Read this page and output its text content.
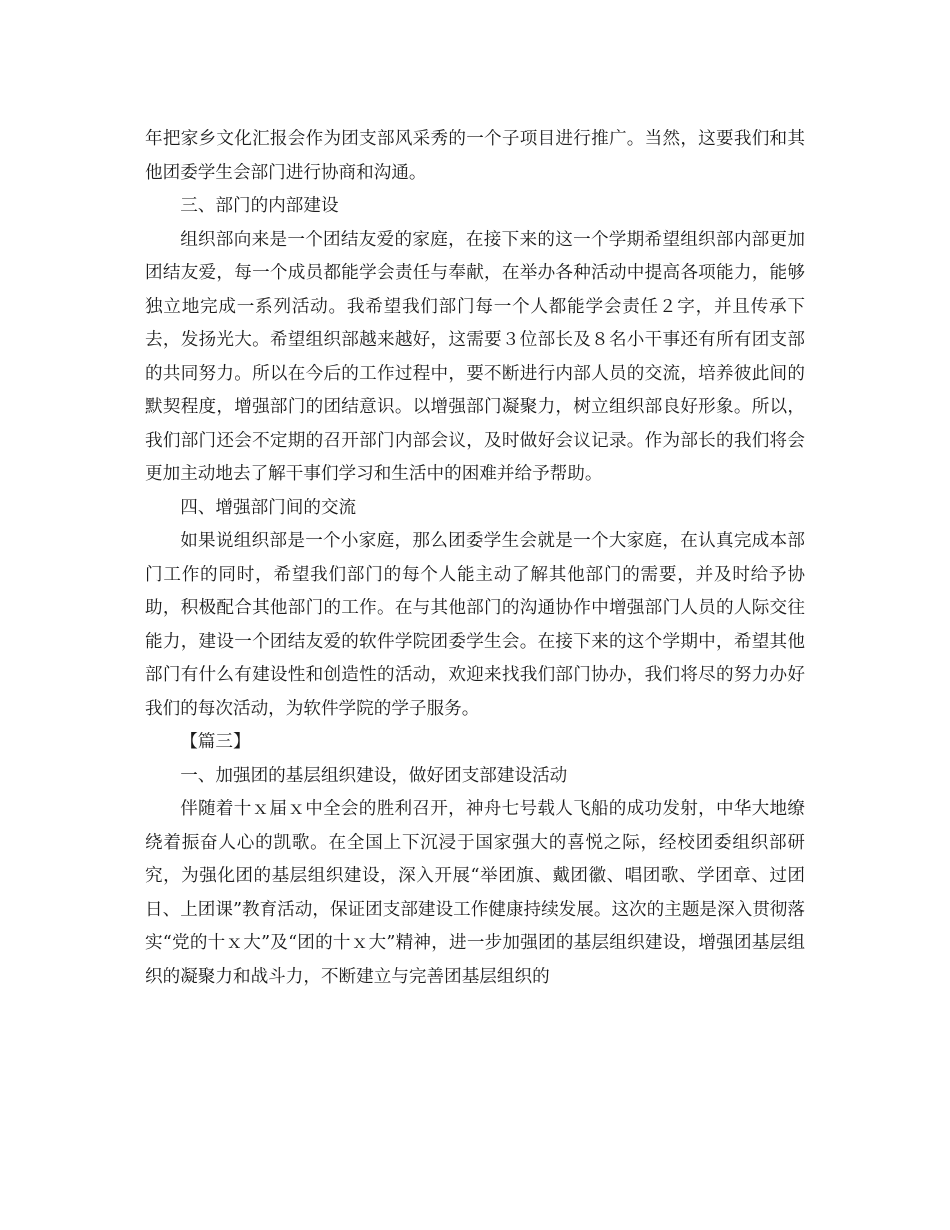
年把家乡文化汇报会作为团支部风采秀的一个子项目进行推广。当然，这要我们和其他团委学生会部门进行协商和沟通。

三、部门的内部建设

组织部向来是一个团结友爱的家庭，在接下来的这一个学期希望组织部内部更加团结友爱，每一个成员都能学会责任与奉献，在举办各种活动中提高各项能力，能够独立地完成一系列活动。我希望我们部门每一个人都能学会责任２字，并且传承下去，发扬光大。希望组织部越来越好，这需要３位部长及８名小干事还有所有团支部的共同努力。所以在今后的工作过程中，要不断进行内部人员的交流，培养彼此间的默契程度，增强部门的团结意识。以增强部门凝聚力，树立组织部良好形象。所以，我们部门还会不定期的召开部门内部会议，及时做好会议记录。作为部长的我们将会更加主动地去了解干事们学习和生活中的困难并给予帮助。

四、增强部门间的交流

如果说组织部是一个小家庭，那么团委学生会就是一个大家庭，在认真完成本部门工作的同时，希望我们部门的每个人能主动了解其他部门的需要，并及时给予协助，积极配合其他部门的工作。在与其他部门的沟通协作中增强部门人员的人际交往能力，建设一个团结友爱的软件学院团委学生会。在接下来的这个学期中，希望其他部门有什么有建设性和创造性的活动，欢迎来找我们部门协办，我们将尽的努力办好我们的每次活动，为软件学院的学子服务。

【篇三】

一、加强团的基层组织建设，做好团支部建设活动

伴随着十ｘ届ｘ中全会的胜利召开，神舟七号载人飞船的成功发射，中华大地缭绕着振奋人心的凯歌。在全国上下沉浸于国家强大的喜悦之际，经校团委组织部研究，为强化团的基层组织建设，深入开展“举团旗、戴团徽、唱团歌、学团章、过团日、上团课”教育活动，保证团支部建设工作健康持续发展。这次的主题是深入贯彻落实“党的十ｘ大”及“团的十ｘ大”精神，进一步加强团的基层组织建设，增强团基层组织的凝聚力和战斗力，不断建立与完善团基层组织的
